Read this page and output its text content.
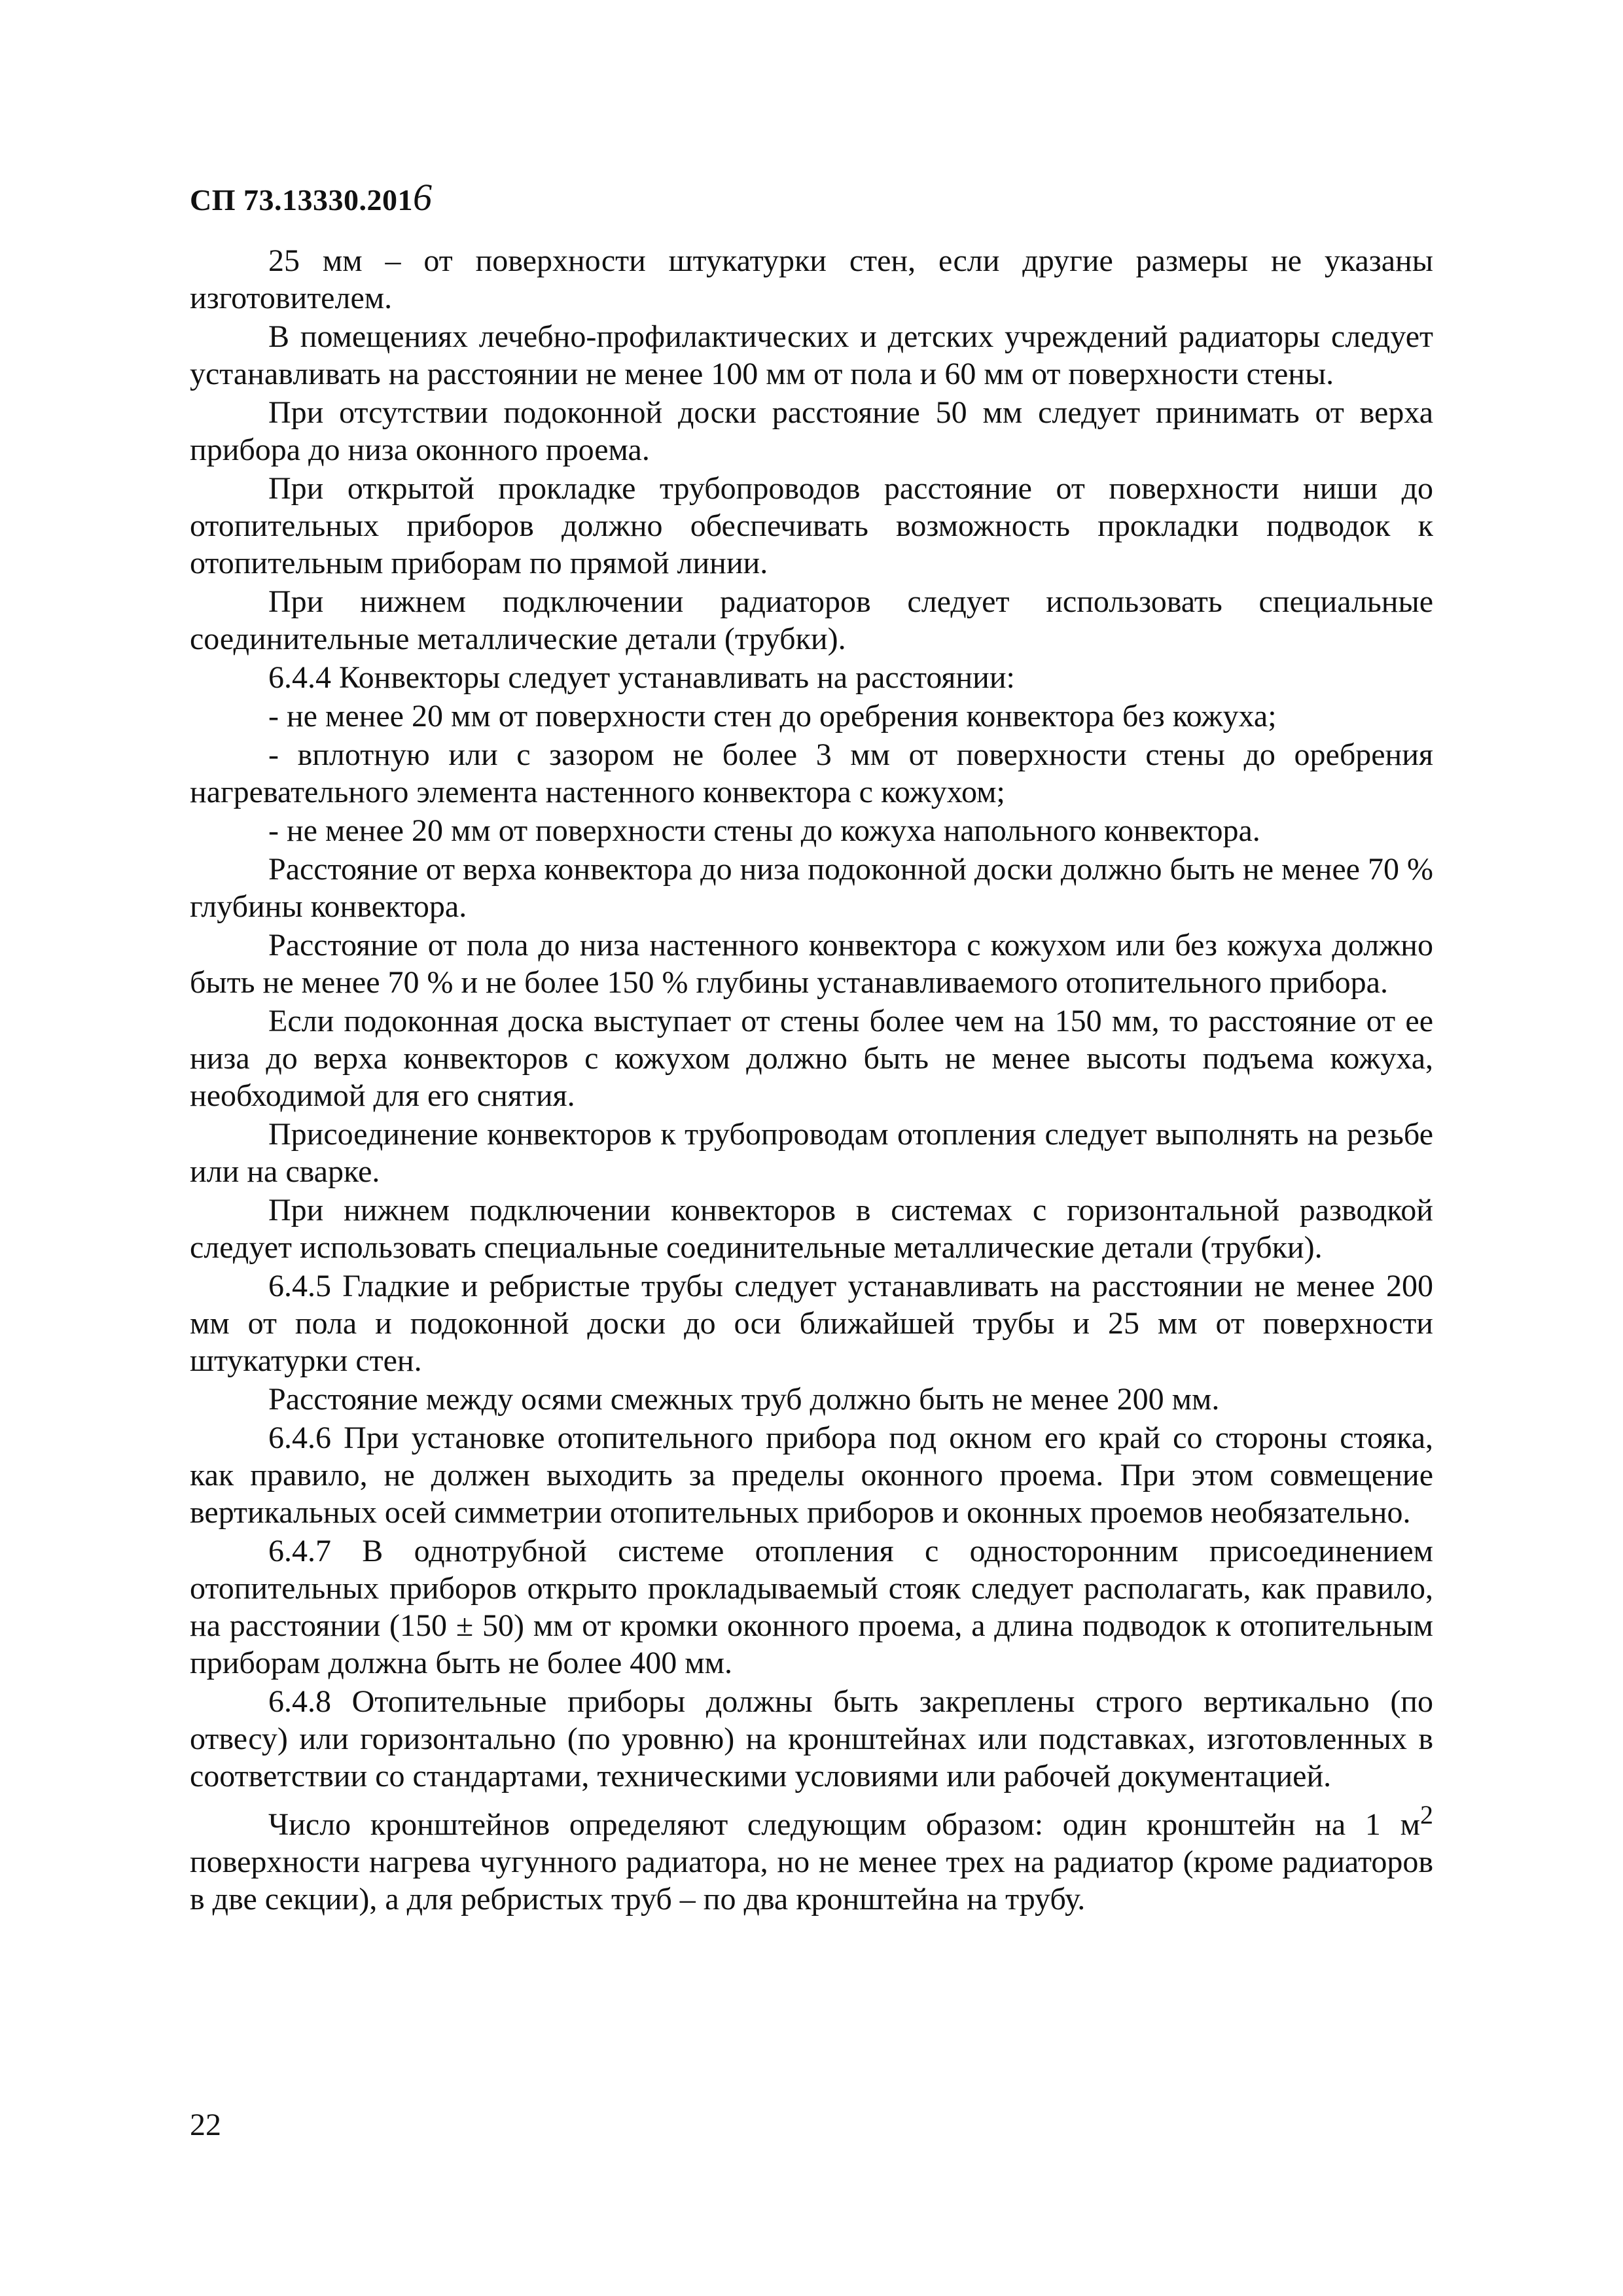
СП 73.13330.2016

25 мм – от поверхности штукатурки стен, если другие размеры не указаны изготовителем.

В помещениях лечебно-профилактических и детских учреждений радиаторы следует устанавливать на расстоянии не менее 100 мм от пола и 60 мм от поверхности стены.

При отсутствии подоконной доски расстояние 50 мм следует принимать от верха прибора до низа оконного проема.

При открытой прокладке трубопроводов расстояние от поверхности ниши до отопительных приборов должно обеспечивать возможность прокладки подводок к отопительным приборам по прямой линии.

При нижнем подключении радиаторов следует использовать специальные соединительные металлические детали (трубки).

6.4.4 Конвекторы следует устанавливать на расстоянии:

- не менее 20 мм от поверхности стен до оребрения конвектора без кожуха;

- вплотную или с зазором не более 3 мм от поверхности стены до оребрения нагревательного элемента настенного конвектора с кожухом;

- не менее 20 мм от поверхности стены до кожуха напольного конвектора.

Расстояние от верха конвектора до низа подоконной доски должно быть не менее 70 % глубины конвектора.

Расстояние от пола до низа настенного конвектора с кожухом или без кожуха должно быть не менее 70 % и не более 150 % глубины устанавливаемого отопительного прибора.

Если подоконная доска выступает от стены более чем на 150 мм, то расстояние от ее низа до верха конвекторов с кожухом должно быть не менее высоты подъема кожуха, необходимой для его снятия.

Присоединение конвекторов к трубопроводам отопления следует выполнять на резьбе или на сварке.

При нижнем подключении конвекторов в системах с горизонтальной разводкой следует использовать специальные соединительные металлические детали (трубки).

6.4.5 Гладкие и ребристые трубы следует устанавливать на расстоянии не менее 200 мм от пола и подоконной доски до оси ближайшей трубы и 25 мм от поверхности штукатурки стен.

Расстояние между осями смежных труб должно быть не менее 200 мм.

6.4.6 При установке отопительного прибора под окном его край со стороны стояка, как правило, не должен выходить за пределы оконного проема. При этом совмещение вертикальных осей симметрии отопительных приборов и оконных проемов необязательно.

6.4.7 В однотрубной системе отопления с односторонним присоединением отопительных приборов открыто прокладываемый стояк следует располагать, как правило, на расстоянии (150 ± 50) мм от кромки оконного проема, а длина подводок к отопительным приборам должна быть не более 400 мм.

6.4.8 Отопительные приборы должны быть закреплены строго вертикально (по отвесу) или горизонтально (по уровню) на кронштейнах или подставках, изготовленных в соответствии со стандартами, техническими условиями или рабочей документацией.

Число кронштейнов определяют следующим образом: один кронштейн на 1 $м^2$ поверхности нагрева чугунного радиатора, но не менее трех на радиатор (кроме радиаторов в две секции), а для ребристых труб – по два кронштейна на трубу.

22
